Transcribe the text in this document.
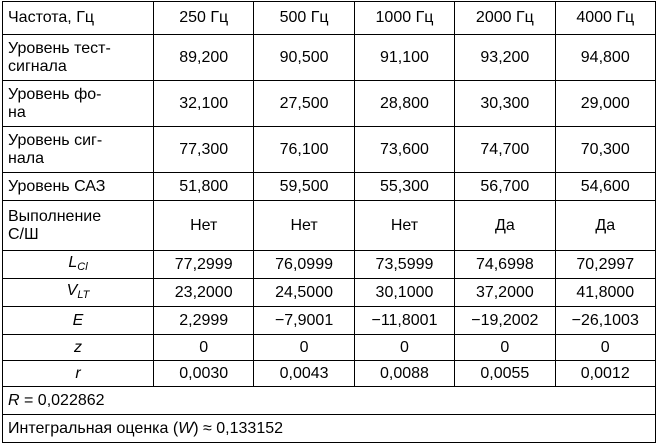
Частота, Гц	250 Гц	500 Гц	1000 Гц	2000 Гц	4000 Гц
Уровень тест-
сигнала	89,200	90,500	91,100	93,200	94,800
Уровень фо-
на	32,100	27,500	28,800	30,300	29,000
Уровень сиг-
нала	77,300	76,100	73,600	74,700	70,300
Уровень САЗ	51,800	59,500	55,300	56,700	54,600
Выполнение
С/Ш	Нет	Нет	Нет	Да	Да
$L_{Cl}$	77,2999	76,0999	73,5999	74,6998	70,2997
$V_{LT}$	23,2000	24,5000	30,1000	37,2000	41,8000
E	2,2999	−7,9001	−11,8001	−19,2002	−26,1003
z	0	0	0	0	0
r	0,0030	0,0043	0,0088	0,0055	0,0012
R = 0,022862					
Интегральная оценка (W) ≈ 0,133152					
